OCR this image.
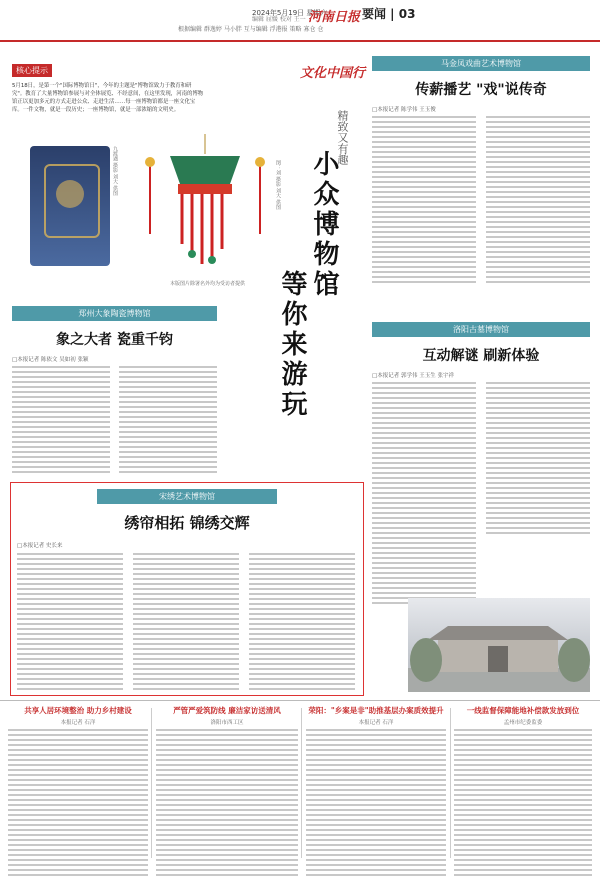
2024年5月19日 星期六
编辑 屈媛 校对 王一 河南日报 要闻 | 03
根据编辑 群逸婷 马小胖 互与编辑 浮港报 策略 寡仓 仓
核心提示
5月18日，是第一个"国际博物馆日"，今年的主题是"博物馆致力于教育和研究"。教育了大量博物馆参展与对全体展览、不经意间，在这里发现，河南的博物馆正以更加多元的方式走进公众、走进生活……每一座博物馆都是一座文化宝库。一件文物，就是一段历史；一座博物馆，就是一部浓缩的文明史。
九渡遇 摄影 刘大 供图	图：刘 摄影 刘大 供图
本版图片除署名外均为受访者提供
文化中国行
精致又有趣
小众博物馆
等你来游玩
马金凤戏曲艺术博物馆
传薪播艺 "戏"说传奇
□本报记者 陈学伟 王玉俊
郑州大象陶瓷博物馆
象之大者 瓷重千钧
□本报记者 陈依文 吴如初 张颖
洛阳古墓博物馆
互动解谜 刷新体验
□本报记者 郭学伟 王玉生 张宇祥
宋绣艺术博物馆
绣帘相拓 锦绣交辉
□本报记者 史长来
共享人居环境整治 助力乡村建设
本报记者 石洋
严管严爱筑防线 廉洁家访送清风
洛阳市西工区
荣阳："乡案是非"助推基层办案质效提升
本报记者 石洋
一线监督保障能地补偿款发放到位
孟州市纪委监委
